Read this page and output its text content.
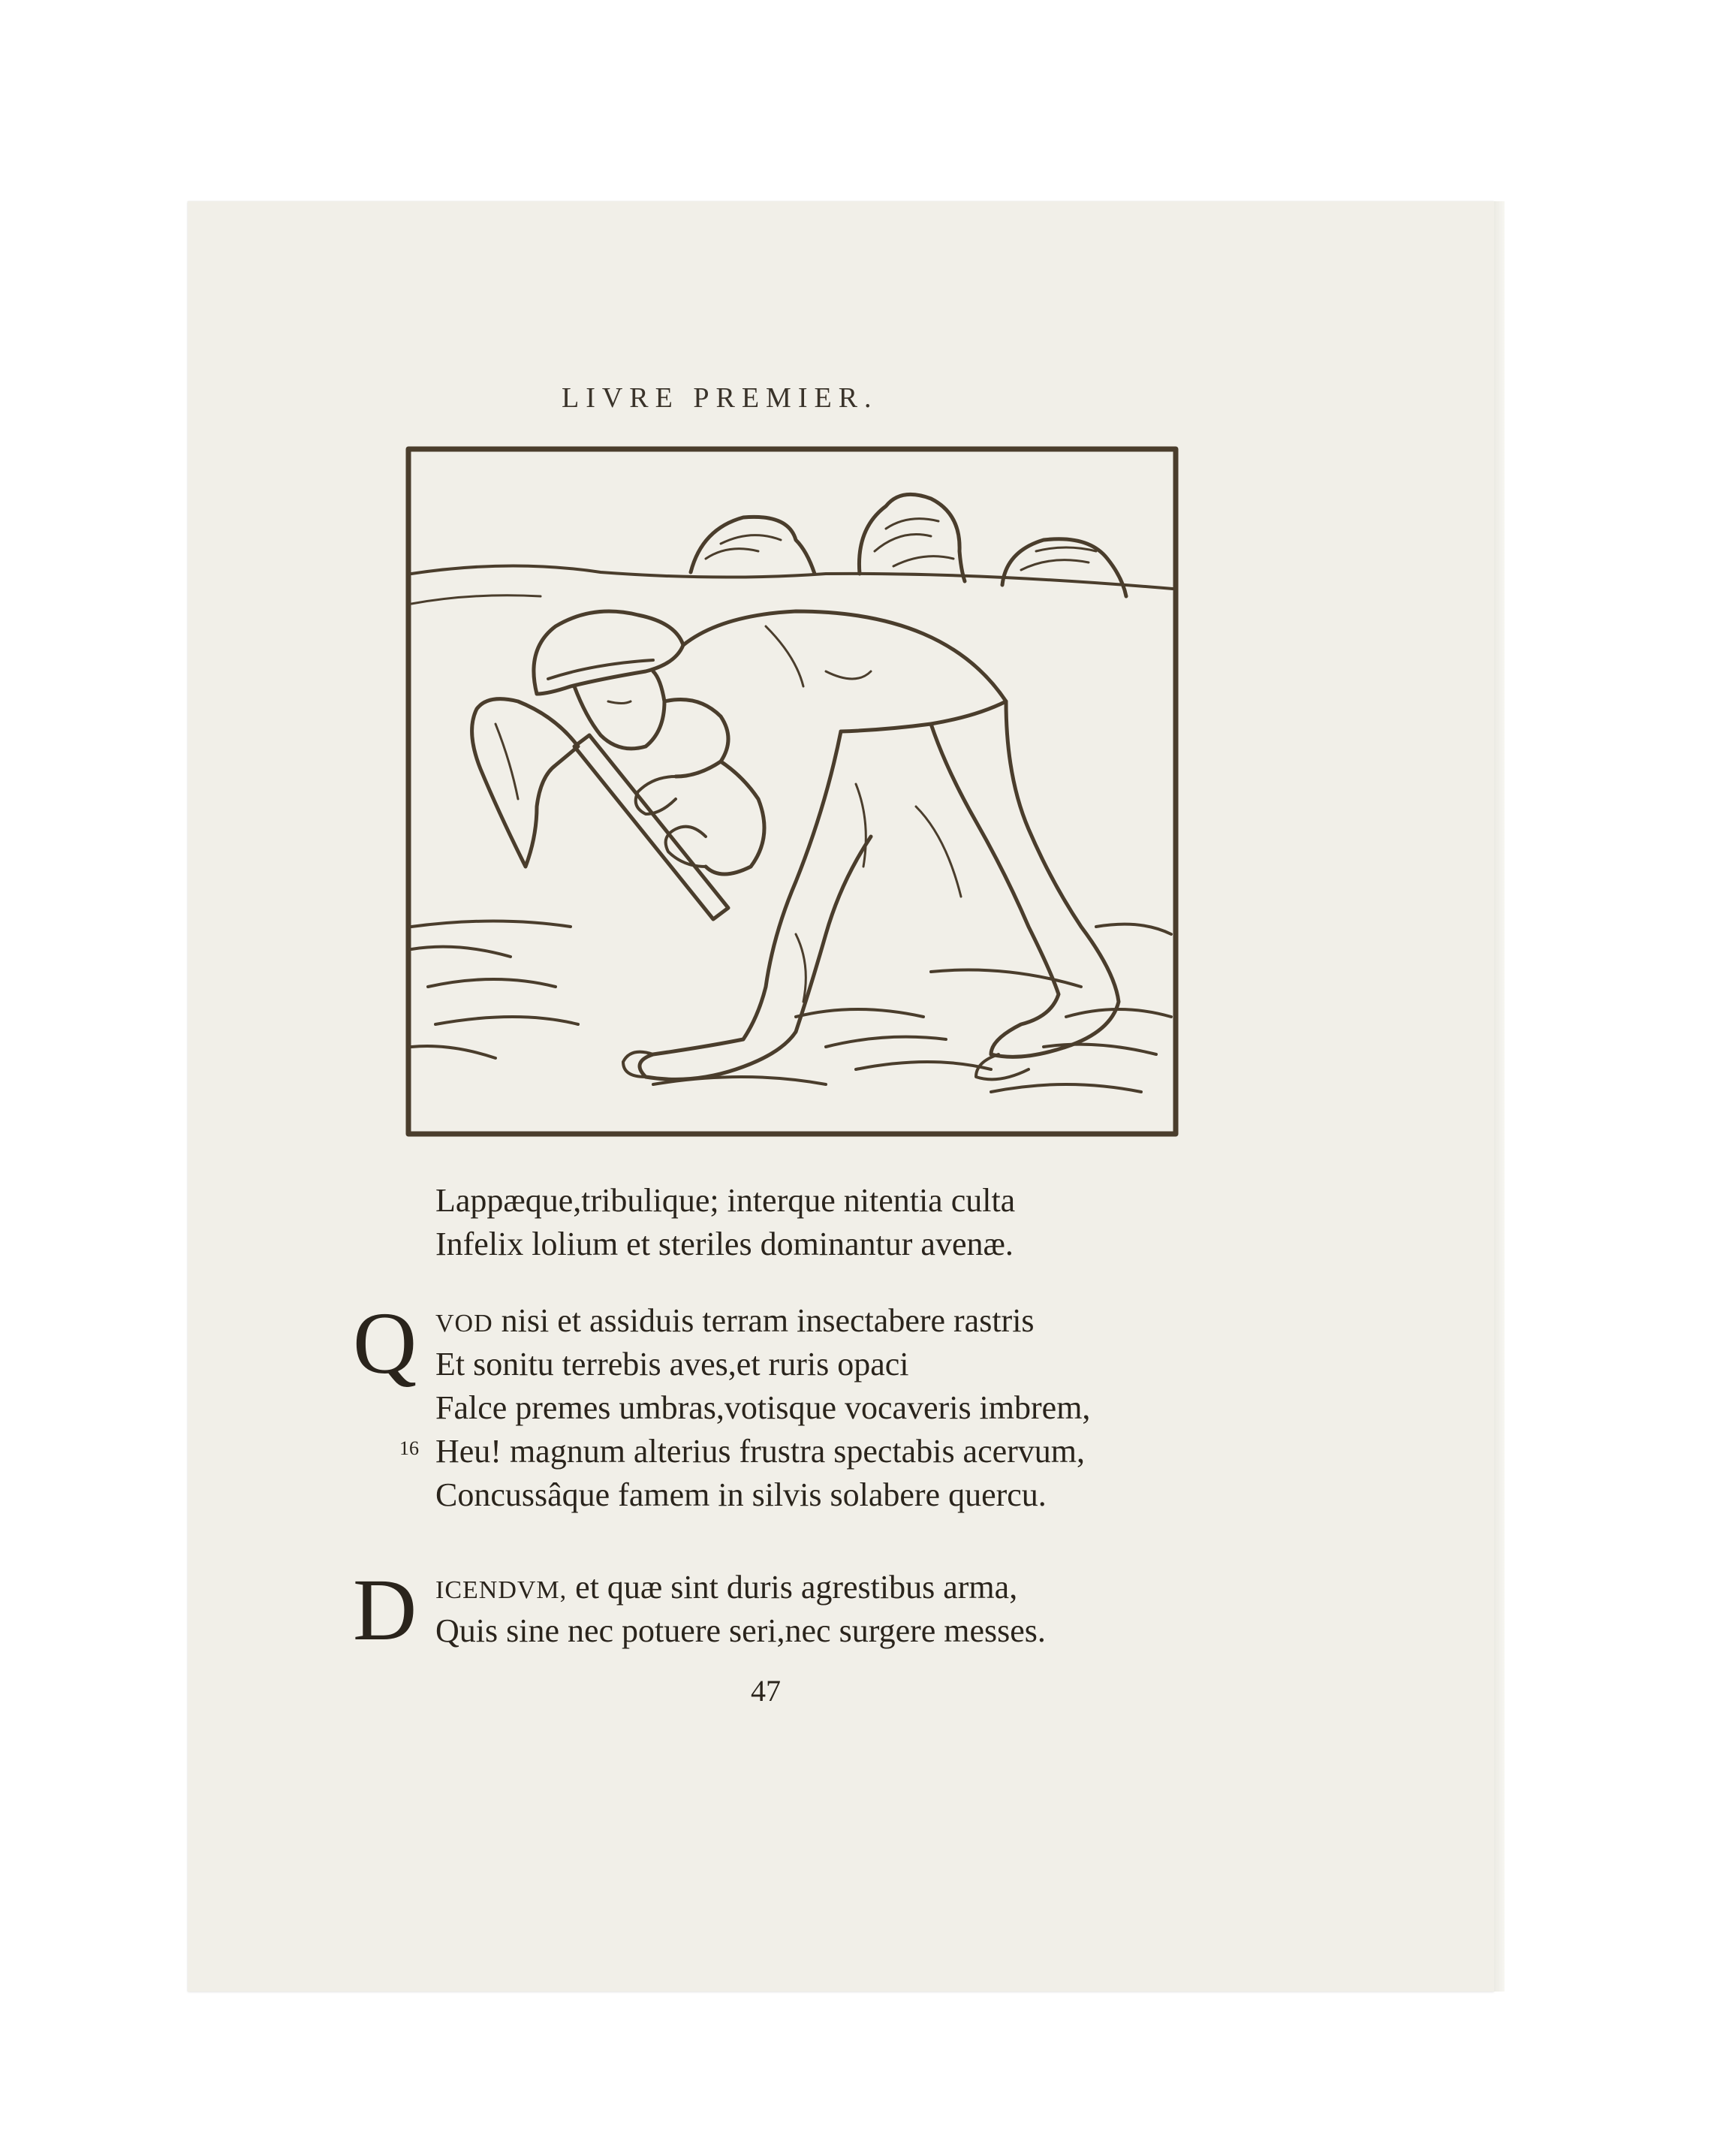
LIVRE PREMIER.
Lappæque,tribulique; interque nitentia culta
Infelix lolium et steriles dominantur avenæ.
Q VOD nisi et assiduis terram insectabere rastris
Et sonitu terrebis aves,et ruris opaci
Falce premes umbras,votisque vocaveris imbrem,
16 Heu! magnum alterius frustra spectabis acervum,
Concussâque famem in silvis solabere quercu.
D ICENDVM, et quæ sint duris agrestibus arma,
Quis sine nec potuere seri,nec surgere messes.
47
